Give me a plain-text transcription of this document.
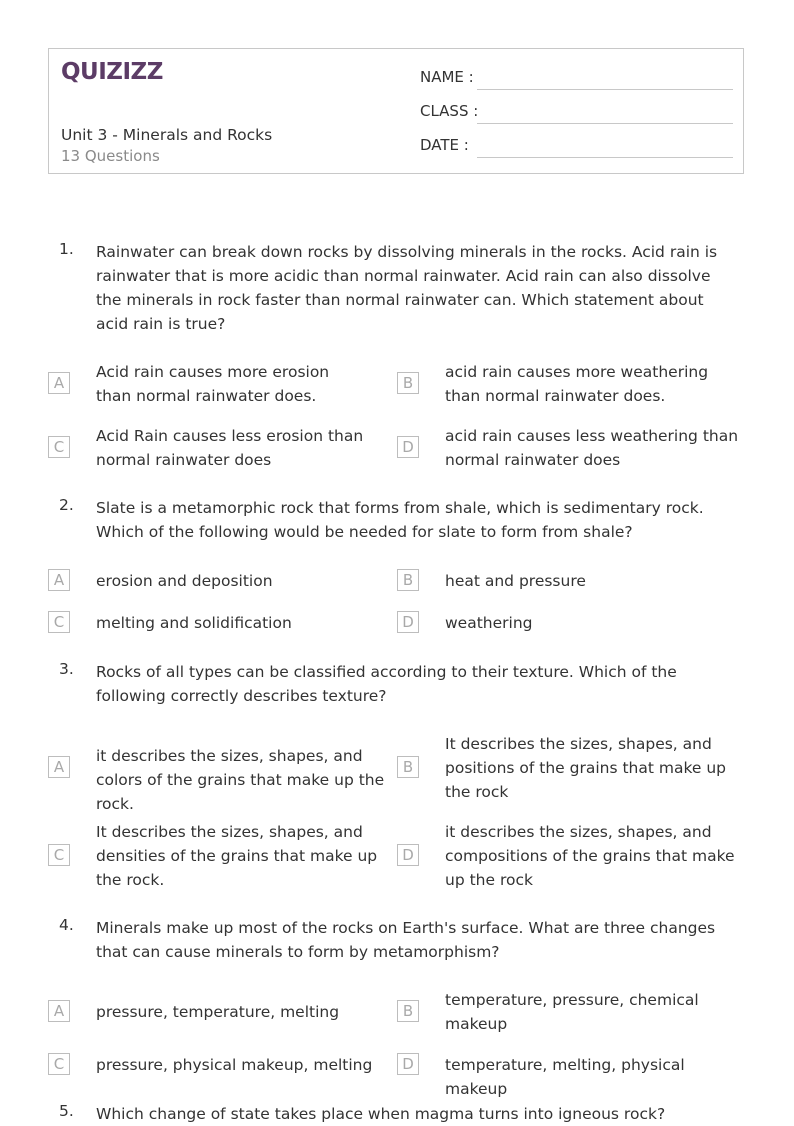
QUIZIZZ
Unit 3 - Minerals and Rocks
13 Questions
NAME :
CLASS :
DATE :
1. Rainwater can break down rocks by dissolving minerals in the rocks. Acid rain is rainwater that is more acidic than normal rainwater. Acid rain can also dissolve the minerals in rock faster than normal rainwater can. Which statement about acid rain is true?
A
Acid rain causes more erosion than normal rainwater does.
B
acid rain causes more weathering than normal rainwater does.
C
Acid Rain causes less erosion than normal rainwater does
D
acid rain causes less weathering than normal rainwater does
2. Slate is a metamorphic rock that forms from shale, which is sedimentary rock. Which of the following would be needed for slate to form from shale?
A	erosion and deposition	B	heat and pressure
C	melting and solidification	D	weathering
3. Rocks of all types can be classified according to their texture. Which of the following correctly describes texture?
A
it describes the sizes, shapes, and colors of the grains that make up the rock.
B
It describes the sizes, shapes, and positions of the grains that make up the rock
C
It describes the sizes, shapes, and densities of the grains that make up the rock.
D
it describes the sizes, shapes, and compositions of the grains that make up the rock
4. Minerals make up most of the rocks on Earth's surface. What are three changes that can cause minerals to form by metamorphism?
A	pressure, temperature, melting	B
temperature, pressure, chemical makeup
C	pressure, physical makeup, melting	D	temperature, melting, physical makeup
5. Which change of state takes place when magma turns into igneous rock?
